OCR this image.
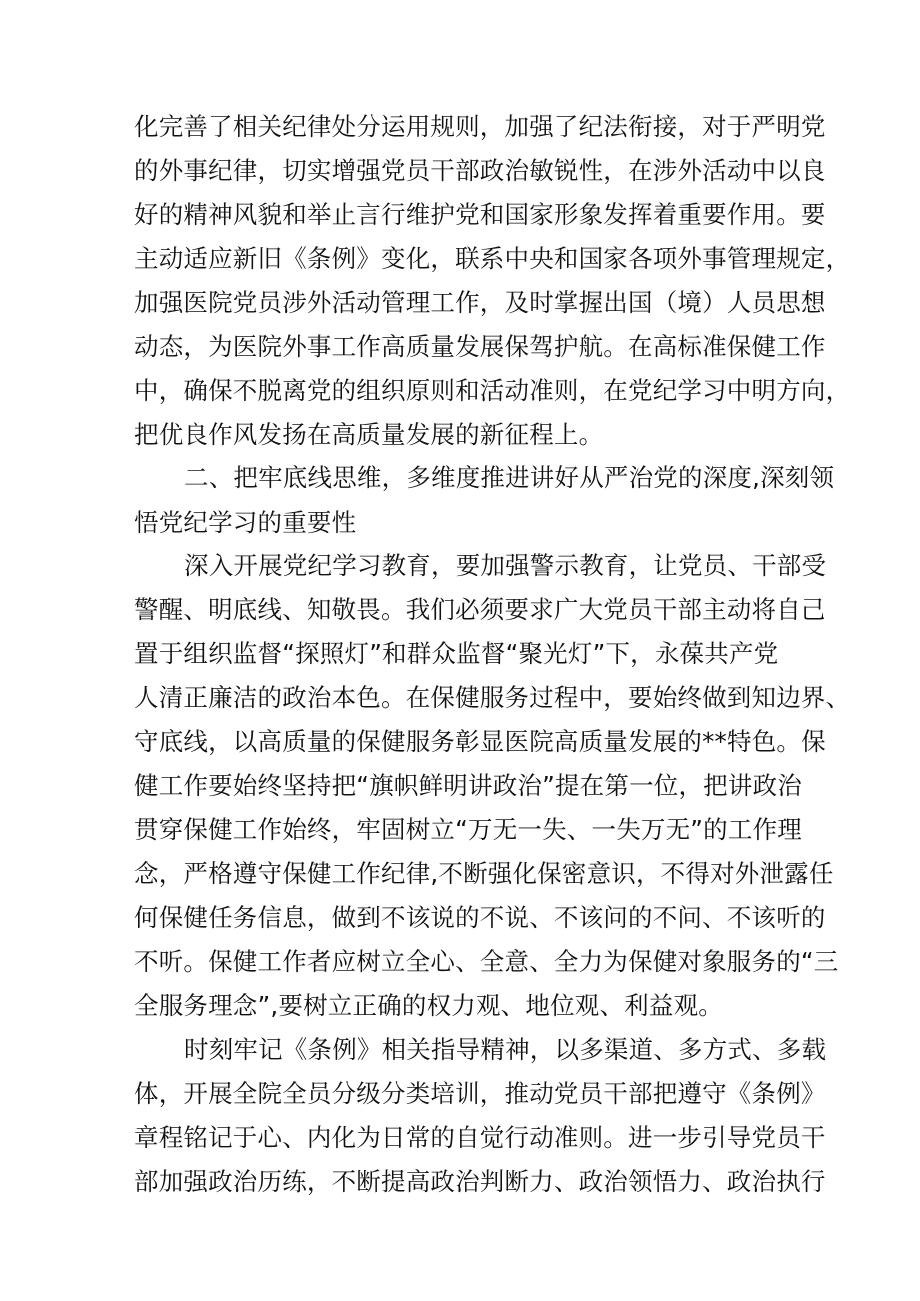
化完善了相关纪律处分运用规则，加强了纪法衔接，对于严明党
的外事纪律，切实增强党员干部政治敏锐性，在涉外活动中以良
好的精神风貌和举止言行维护党和国家形象发挥着重要作用。要
主动适应新旧《条例》变化，联系中央和国家各项外事管理规定，
加强医院党员涉外活动管理工作，及时掌握出国（境）人员思想
动态，为医院外事工作高质量发展保驾护航。在高标准保健工作
中，确保不脱离党的组织原则和活动准则，在党纪学习中明方向，
把优良作风发扬在高质量发展的新征程上。
二、把牢底线思维，多维度推进讲好从严治党的深度,深刻领
悟党纪学习的重要性
深入开展党纪学习教育，要加强警示教育，让党员、干部受
警醒、明底线、知敬畏。我们必须要求广大党员干部主动将自己
置于组织监督“探照灯”和群众监督“聚光灯”下，永葆共产党
人清正廉洁的政治本色。在保健服务过程中，要始终做到知边界、
守底线，以高质量的保健服务彰显医院高质量发展的**特色。保
健工作要始终坚持把“旗帜鲜明讲政治”提在第一位，把讲政治
贯穿保健工作始终，牢固树立“万无一失、一失万无”的工作理
念，严格遵守保健工作纪律,不断强化保密意识，不得对外泄露任
何保健任务信息，做到不该说的不说、不该问的不问、不该听的
不听。保健工作者应树立全心、全意、全力为保健对象服务的“三
全服务理念”,要树立正确的权力观、地位观、利益观。
时刻牢记《条例》相关指导精神，以多渠道、多方式、多载
体，开展全院全员分级分类培训，推动党员干部把遵守《条例》
章程铭记于心、内化为日常的自觉行动准则。进一步引导党员干
部加强政治历练，不断提高政治判断力、政治领悟力、政治执行
